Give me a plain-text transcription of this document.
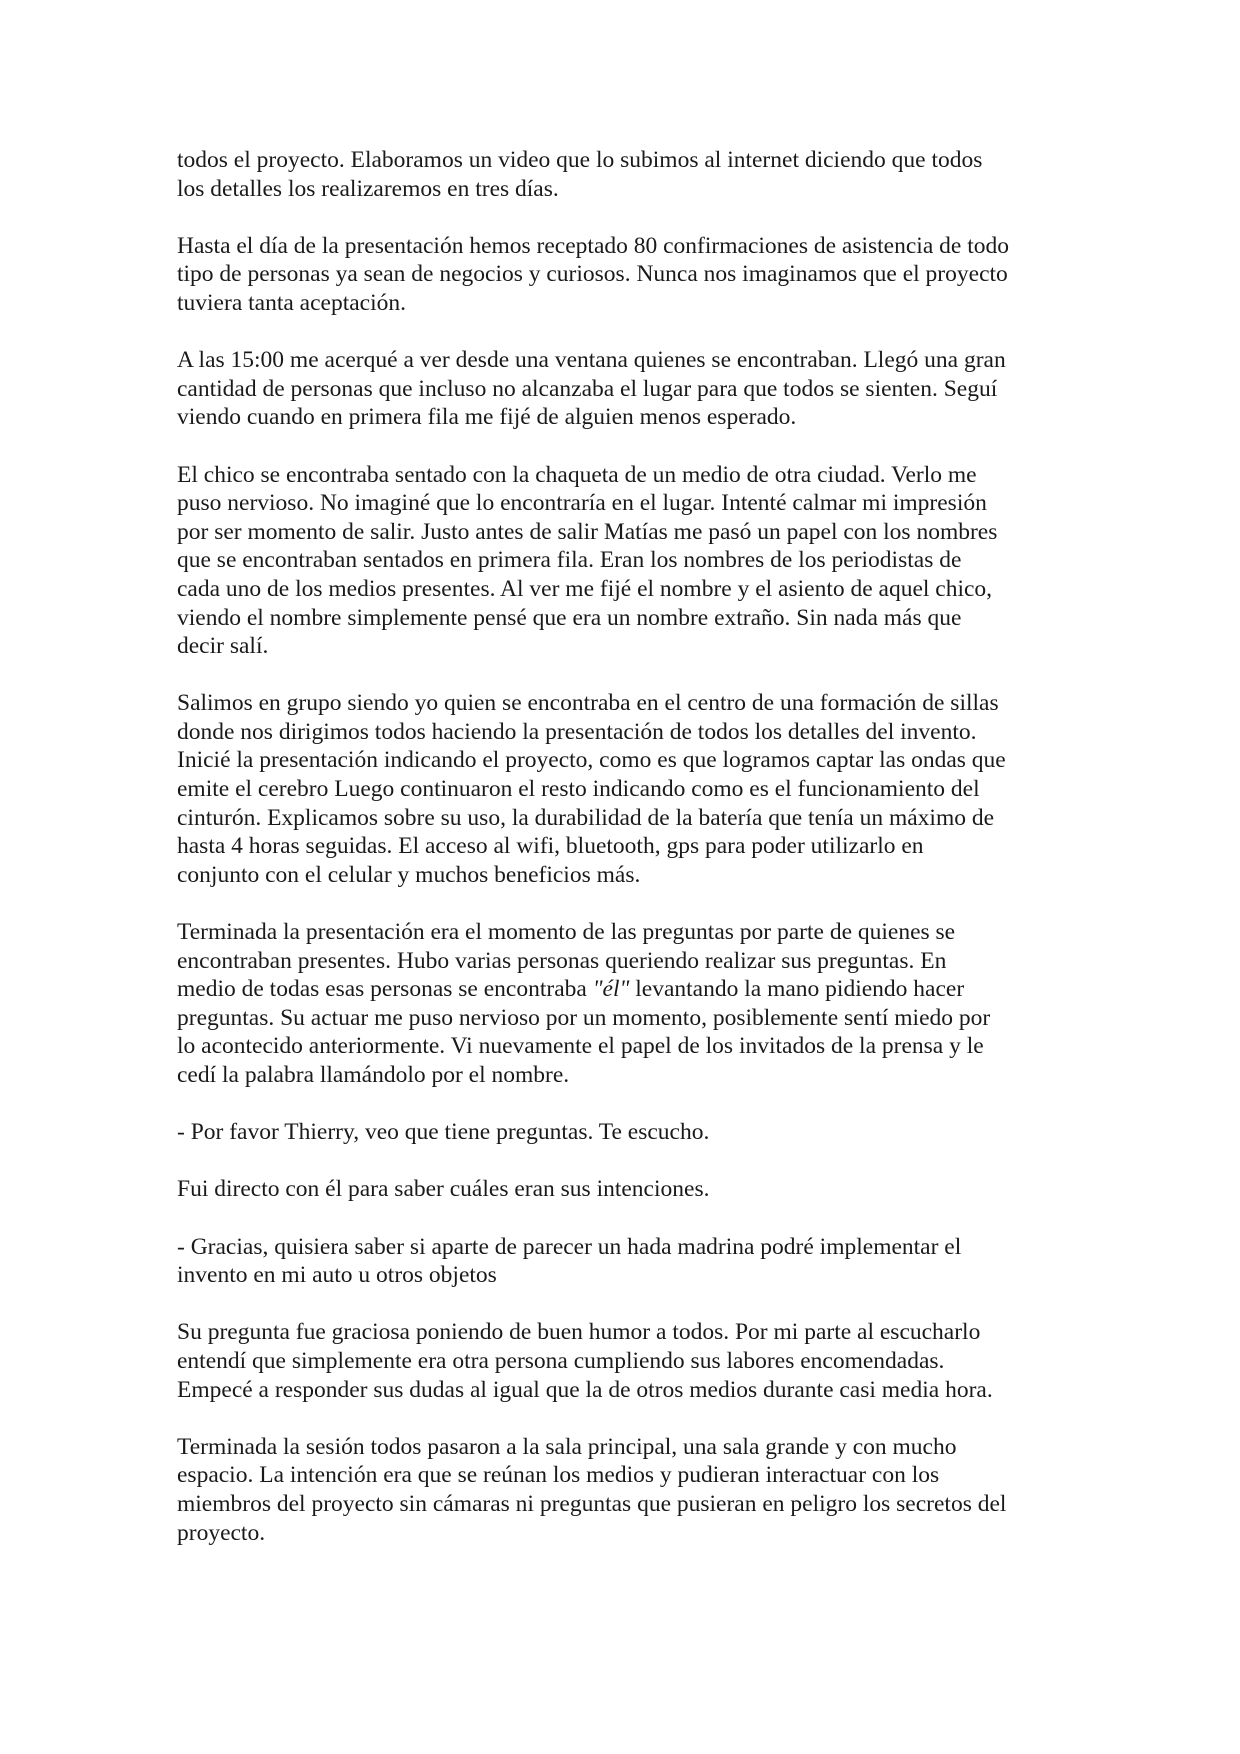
todos el proyecto. Elaboramos un video que lo subimos al internet diciendo que todos
los detalles los realizaremos en tres días.

Hasta el día de la presentación hemos receptado 80 confirmaciones de asistencia de todo
tipo de personas ya sean de negocios y curiosos. Nunca nos imaginamos que el proyecto
tuviera tanta aceptación.

A las 15:00 me acerqué a ver desde una ventana quienes se encontraban. Llegó una gran
cantidad de personas que incluso no alcanzaba el lugar para que todos se sienten. Seguí
viendo cuando en primera fila me fijé de alguien menos esperado.

El chico se encontraba sentado con la chaqueta de un medio de otra ciudad. Verlo me
puso nervioso. No imaginé que lo encontraría en el lugar. Intenté calmar mi impresión
por ser momento de salir. Justo antes de salir Matías me pasó un papel con los nombres
que se encontraban sentados en primera fila. Eran los nombres de los periodistas de
cada uno de los medios presentes. Al ver me fijé el nombre y el asiento de aquel chico,
viendo el nombre simplemente pensé que era un nombre extraño. Sin nada más que
decir salí.

Salimos en grupo siendo yo quien se encontraba en el centro de una formación de sillas
donde nos dirigimos todos haciendo la presentación de todos los detalles del invento.
Inicié la presentación indicando el proyecto, como es que logramos captar las ondas que
emite el cerebro Luego continuaron el resto indicando como es el funcionamiento del
cinturón. Explicamos sobre su uso, la durabilidad de la batería que tenía un máximo de
hasta 4 horas seguidas. El acceso al wifi, bluetooth, gps para poder utilizarlo en
conjunto con el celular y muchos beneficios más.

Terminada la presentación era el momento de las preguntas por parte de quienes se
encontraban presentes. Hubo varias personas queriendo realizar sus preguntas. En
medio de todas esas personas se encontraba "él" levantando la mano pidiendo hacer
preguntas. Su actuar me puso nervioso por un momento, posiblemente sentí miedo por
lo acontecido anteriormente. Vi nuevamente el papel de los invitados de la prensa y le
cedí la palabra llamándolo por el nombre.

- Por favor Thierry, veo que tiene preguntas. Te escucho.

Fui directo con él para saber cuáles eran sus intenciones.

- Gracias, quisiera saber si aparte de parecer un hada madrina podré implementar el
invento en mi auto u otros objetos

Su pregunta fue graciosa poniendo de buen humor a todos. Por mi parte al escucharlo
entendí que simplemente era otra persona cumpliendo sus labores encomendadas.
Empecé a responder sus dudas al igual que la de otros medios durante casi media hora.

Terminada la sesión todos pasaron a la sala principal, una sala grande y con mucho
espacio. La intención era que se reúnan los medios y pudieran interactuar con los
miembros del proyecto sin cámaras ni preguntas que pusieran en peligro los secretos del
proyecto.
